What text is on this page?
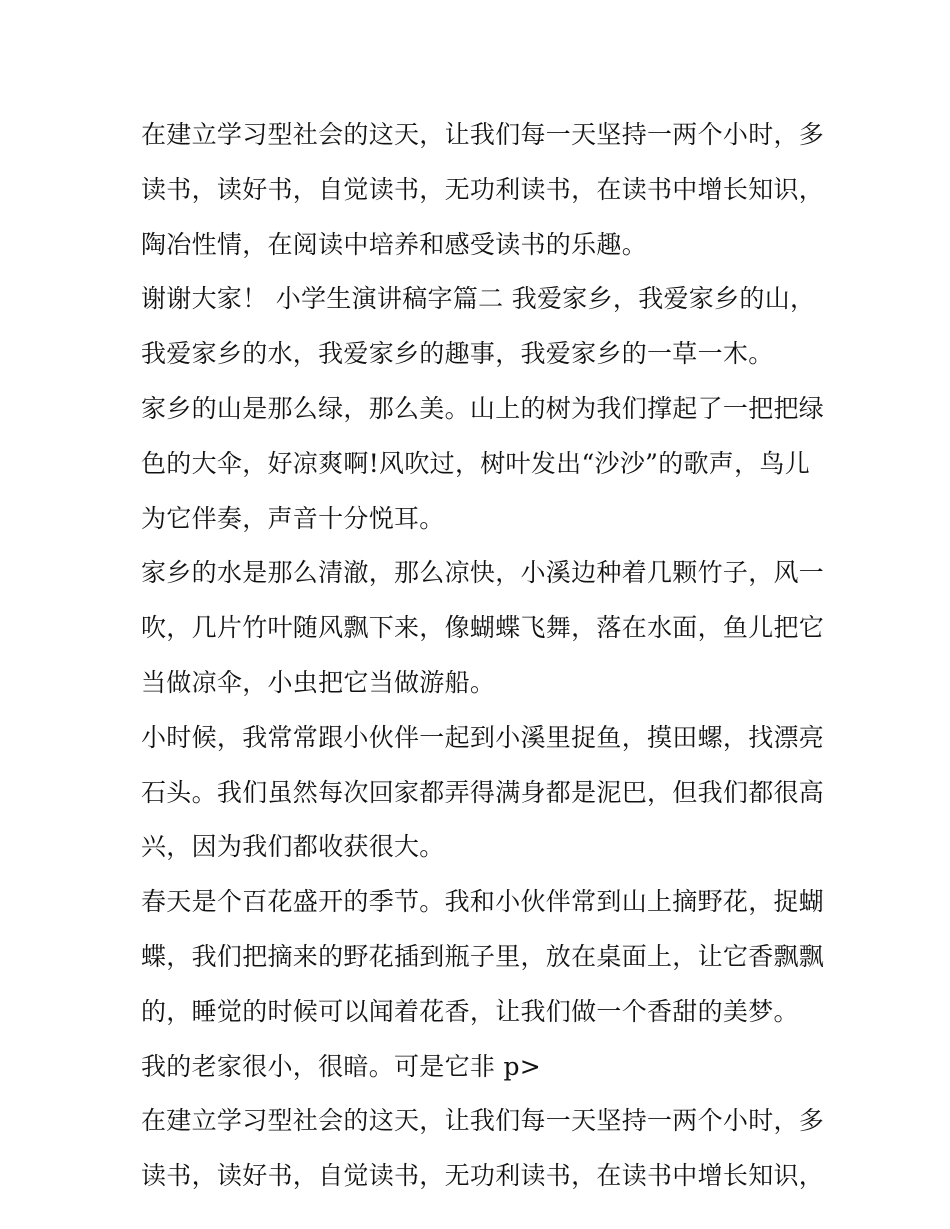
在建立学习型社会的这天，让我们每一天坚持一两个小时，多
读书，读好书，自觉读书，无功利读书，在读书中增长知识，
陶冶性情，在阅读中培养和感受读书的乐趣。

谢谢大家！ 小学生演讲稿字篇二 我爱家乡，我爱家乡的山，
我爱家乡的水，我爱家乡的趣事，我爱家乡的一草一木。

家乡的山是那么绿，那么美。山上的树为我们撑起了一把把绿
色的大伞，好凉爽啊!风吹过，树叶发出“沙沙”的歌声，鸟儿
为它伴奏，声音十分悦耳。

家乡的水是那么清澈，那么凉快，小溪边种着几颗竹子，风一
吹，几片竹叶随风飘下来，像蝴蝶飞舞，落在水面，鱼儿把它
当做凉伞，小虫把它当做游船。

小时候，我常常跟小伙伴一起到小溪里捉鱼，摸田螺，找漂亮
石头。我们虽然每次回家都弄得满身都是泥巴，但我们都很高
兴，因为我们都收获很大。

春天是个百花盛开的季节。我和小伙伴常到山上摘野花，捉蝴
蝶，我们把摘来的野花插到瓶子里，放在桌面上，让它香飘飘
的，睡觉的时候可以闻着花香，让我们做一个香甜的美梦。

我的老家很小，很暗。可是它非 p>

在建立学习型社会的这天，让我们每一天坚持一两个小时，多
读书，读好书，自觉读书，无功利读书，在读书中增长知识，
